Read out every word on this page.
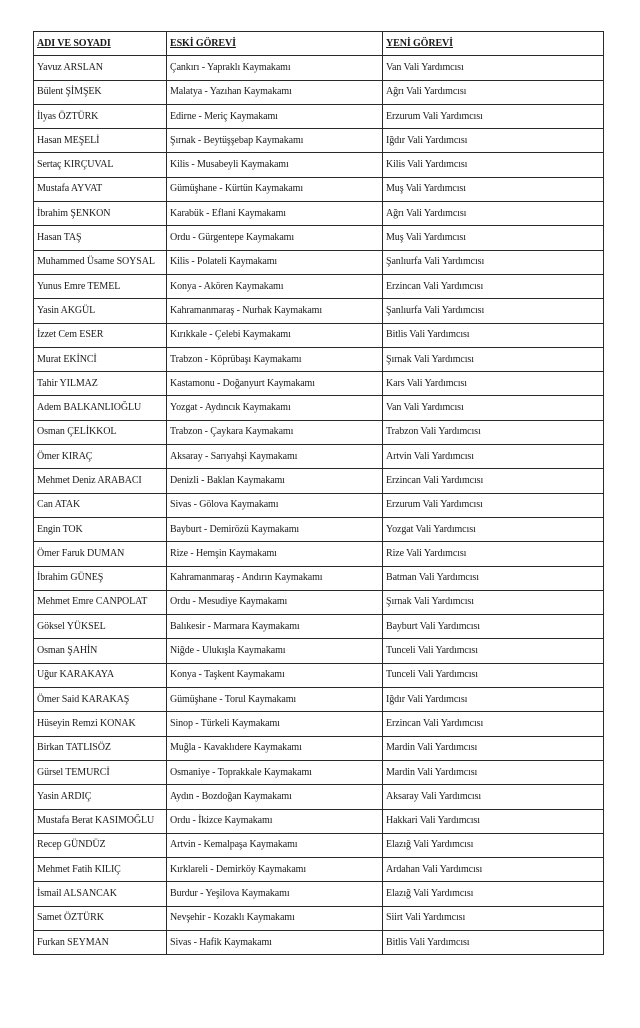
ADI VE SOYADI	ESKİ GÖREVİ	YENİ GÖREVİ
Yavuz ARSLAN	Çankırı - Yapraklı Kaymakamı	Van Vali Yardımcısı
Bülent ŞİMŞEK	Malatya - Yazıhan Kaymakamı	Ağrı Vali Yardımcısı
İlyas ÖZTÜRK	Edirne - Meriç Kaymakamı	Erzurum Vali Yardımcısı
Hasan MEŞELİ	Şırnak - Beytüşşebap Kaymakamı	Iğdır Vali Yardımcısı
Sertaç KIRÇUVAL	Kilis - Musabeyli Kaymakamı	Kilis Vali Yardımcısı
Mustafa AYVAT	Gümüşhane - Kürtün Kaymakamı	Muş Vali Yardımcısı
İbrahim ŞENKON	Karabük - Eflani Kaymakamı	Ağrı Vali Yardımcısı
Hasan TAŞ	Ordu - Gürgentepe Kaymakamı	Muş Vali Yardımcısı
Muhammed Üsame SOYSAL	Kilis - Polateli Kaymakamı	Şanlıurfa Vali Yardımcısı
Yunus Emre TEMEL	Konya - Akören Kaymakamı	Erzincan Vali Yardımcısı
Yasin AKGÜL	Kahramanmaraş - Nurhak Kaymakamı	Şanlıurfa Vali Yardımcısı
İzzet Cem ESER	Kırıkkale - Çelebi Kaymakamı	Bitlis Vali Yardımcısı
Murat EKİNCİ	Trabzon - Köprübaşı Kaymakamı	Şırnak Vali Yardımcısı
Tahir YILMAZ	Kastamonu - Doğanyurt Kaymakamı	Kars Vali Yardımcısı
Adem BALKANLIOĞLU	Yozgat - Aydıncık Kaymakamı	Van Vali Yardımcısı
Osman ÇELİKKOL	Trabzon - Çaykara Kaymakamı	Trabzon Vali Yardımcısı
Ömer KIRAÇ	Aksaray - Sarıyahşi Kaymakamı	Artvin Vali Yardımcısı
Mehmet Deniz ARABACI	Denizli - Baklan Kaymakamı	Erzincan Vali Yardımcısı
Can ATAK	Sivas - Gölova Kaymakamı	Erzurum Vali Yardımcısı
Engin TOK	Bayburt - Demirözü Kaymakamı	Yozgat Vali Yardımcısı
Ömer Faruk DUMAN	Rize - Hemşin Kaymakamı	Rize Vali Yardımcısı
İbrahim GÜNEŞ	Kahramanmaraş - Andırın Kaymakamı	Batman Vali Yardımcısı
Mehmet Emre CANPOLAT	Ordu - Mesudiye Kaymakamı	Şırnak Vali Yardımcısı
Göksel YÜKSEL	Balıkesir - Marmara Kaymakamı	Bayburt Vali Yardımcısı
Osman ŞAHİN	Niğde - Ulukışla Kaymakamı	Tunceli Vali Yardımcısı
Uğur KARAKAYA	Konya - Taşkent Kaymakamı	Tunceli Vali Yardımcısı
Ömer Said KARAKAŞ	Gümüşhane - Torul Kaymakamı	Iğdır Vali Yardımcısı
Hüseyin Remzi KONAK	Sinop - Türkeli Kaymakamı	Erzincan Vali Yardımcısı
Birkan TATLISÖZ	Muğla - Kavaklıdere Kaymakamı	Mardin Vali Yardımcısı
Gürsel TEMURCİ	Osmaniye - Toprakkale Kaymakamı	Mardin Vali Yardımcısı
Yasin ARDIÇ	Aydın - Bozdoğan Kaymakamı	Aksaray Vali Yardımcısı
Mustafa Berat KASIMOĞLU	Ordu - İkizce Kaymakamı	Hakkari Vali Yardımcısı
Recep GÜNDÜZ	Artvin - Kemalpaşa Kaymakamı	Elazığ Vali Yardımcısı
Mehmet Fatih KILIÇ	Kırklareli - Demirköy Kaymakamı	Ardahan Vali Yardımcısı
İsmail ALSANCAK	Burdur - Yeşilova Kaymakamı	Elazığ Vali Yardımcısı
Samet ÖZTÜRK	Nevşehir - Kozaklı Kaymakamı	Siirt Vali Yardımcısı
Furkan SEYMAN	Sivas - Hafik Kaymakamı	Bitlis Vali Yardımcısı
